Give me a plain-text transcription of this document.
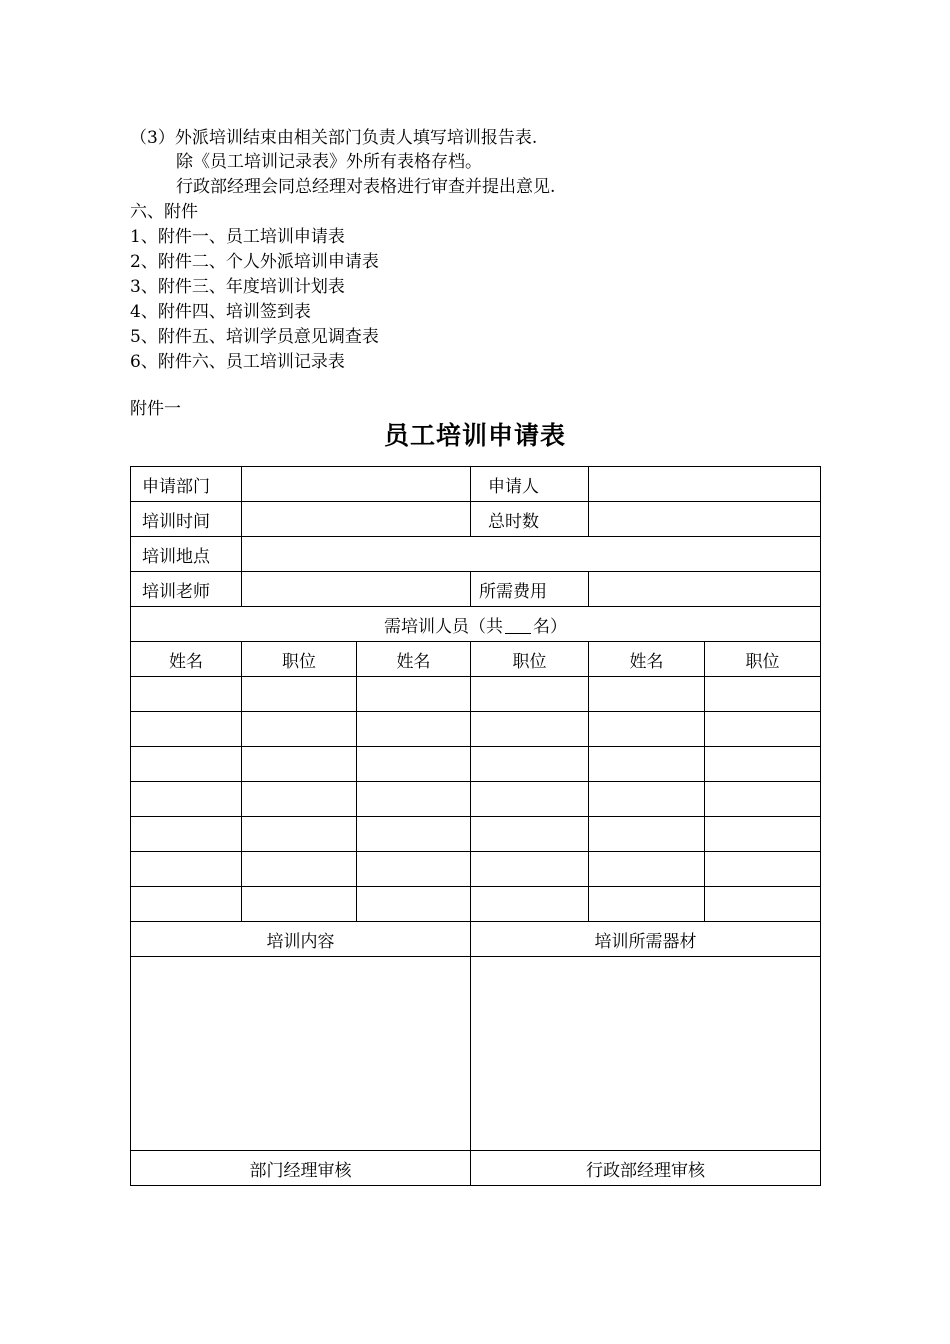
（3）外派培训结束由相关部门负责人填写培训报告表.
除《员工培训记录表》外所有表格存档。
行政部经理会同总经理对表格进行审查并提出意见.
六、附件
1、附件一、员工培训申请表
2、附件二、个人外派培训申请表
3、附件三、年度培训计划表
4、附件四、培训签到表
5、附件五、培训学员意见调查表
6、附件六、员工培训记录表
附件一
员工培训申请表
申请部门			申请人		
培训时间			总时数		
培训地点					
培训老师			所需费用		
需培训人员（共 名）					
姓名	职位	姓名	职位	姓名	职位

培训内容			培训所需器材		

部门经理审核			行政部经理审核		
